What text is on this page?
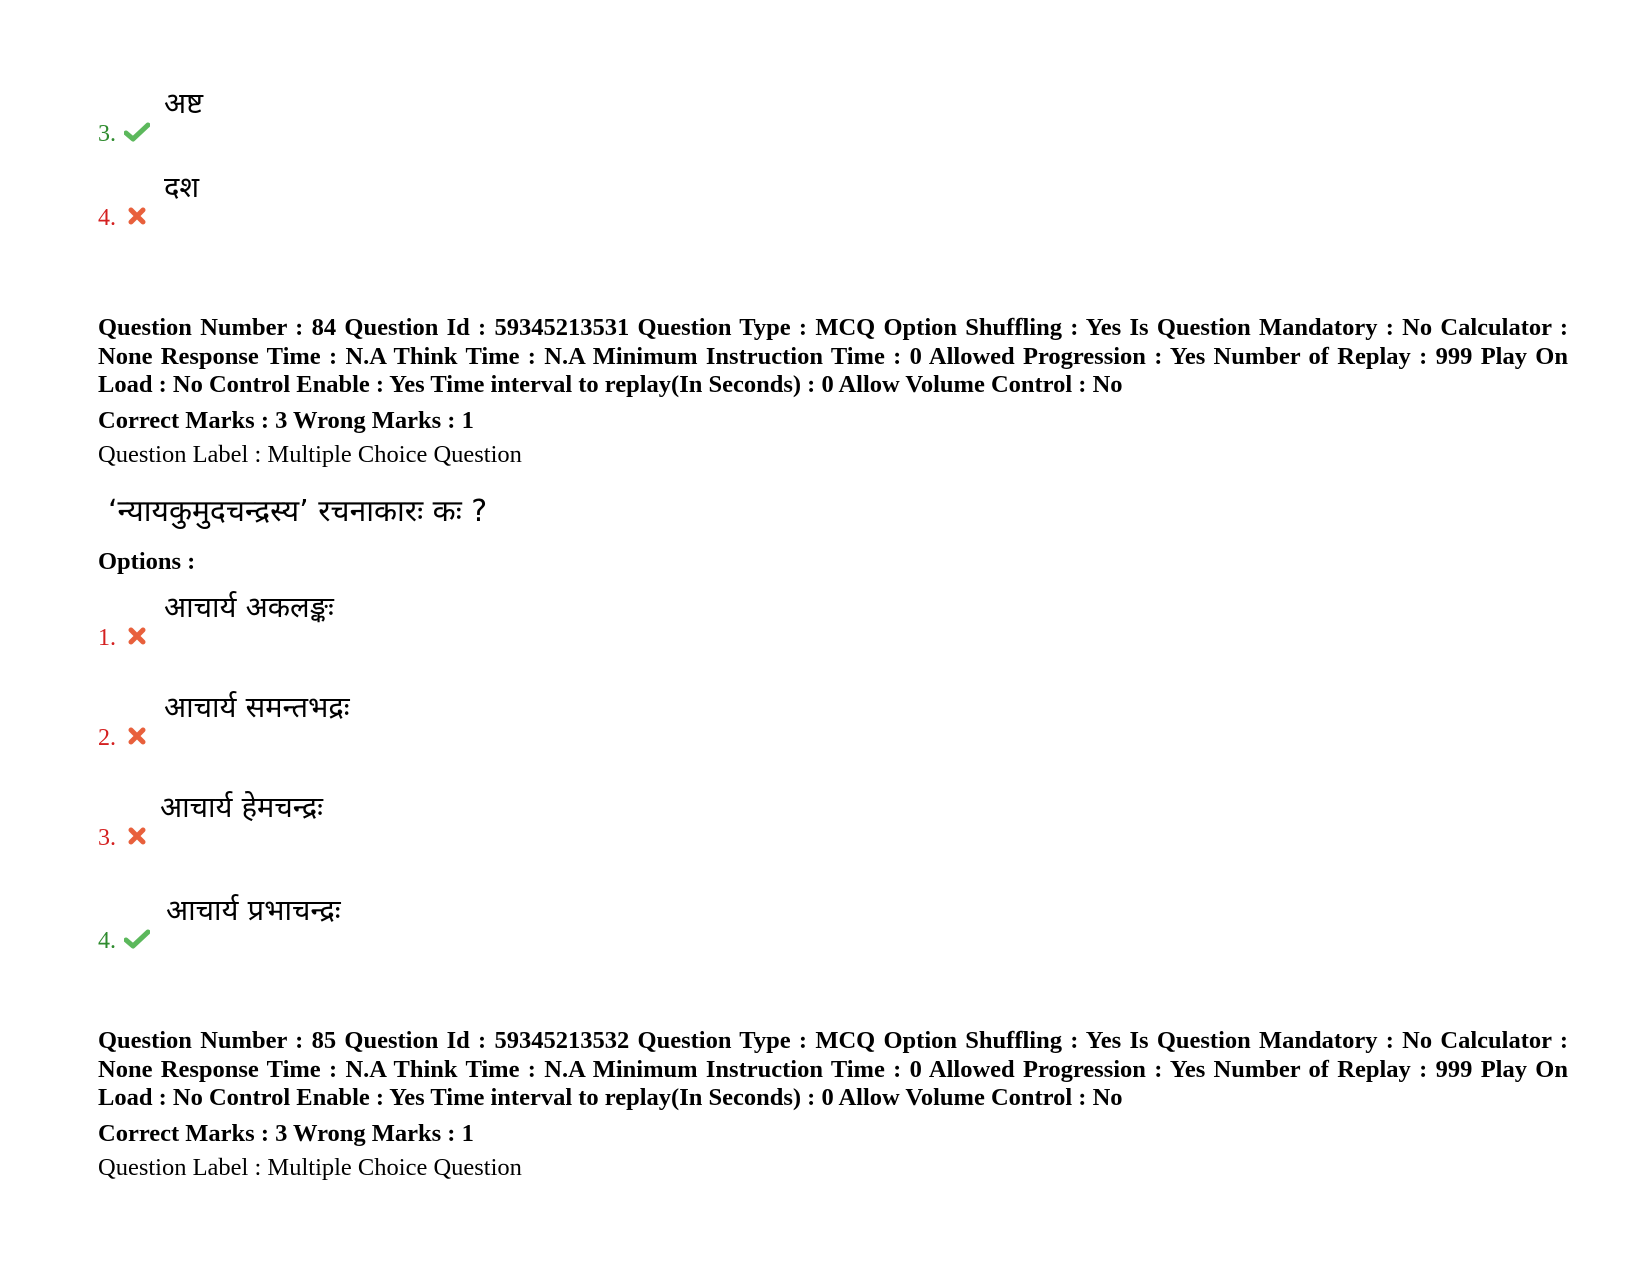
3.
अष्ट
4.
दश
Question Number : 84 Question Id : 59345213531 Question Type : MCQ Option Shuffling : Yes Is Question Mandatory : No Calculator : None Response Time : N.A Think Time : N.A Minimum Instruction Time : 0 Allowed Progression : Yes Number of Replay : 999 Play On Load : No Control Enable : Yes Time interval to replay(In Seconds) : 0 Allow Volume Control : No
Correct Marks : 3 Wrong Marks : 1
Question Label : Multiple Choice Question
‘न्यायकुमुदचन्द्रस्य’ रचनाकारः कः ?
Options :
1.
आचार्य अकलङ्कः
2.
आचार्य समन्तभद्रः
3.
आचार्य हेमचन्द्रः
4.
आचार्य प्रभाचन्द्रः
Question Number : 85 Question Id : 59345213532 Question Type : MCQ Option Shuffling : Yes Is Question Mandatory : No Calculator : None Response Time : N.A Think Time : N.A Minimum Instruction Time : 0 Allowed Progression : Yes Number of Replay : 999 Play On Load : No Control Enable : Yes Time interval to replay(In Seconds) : 0 Allow Volume Control : No
Correct Marks : 3 Wrong Marks : 1
Question Label : Multiple Choice Question
